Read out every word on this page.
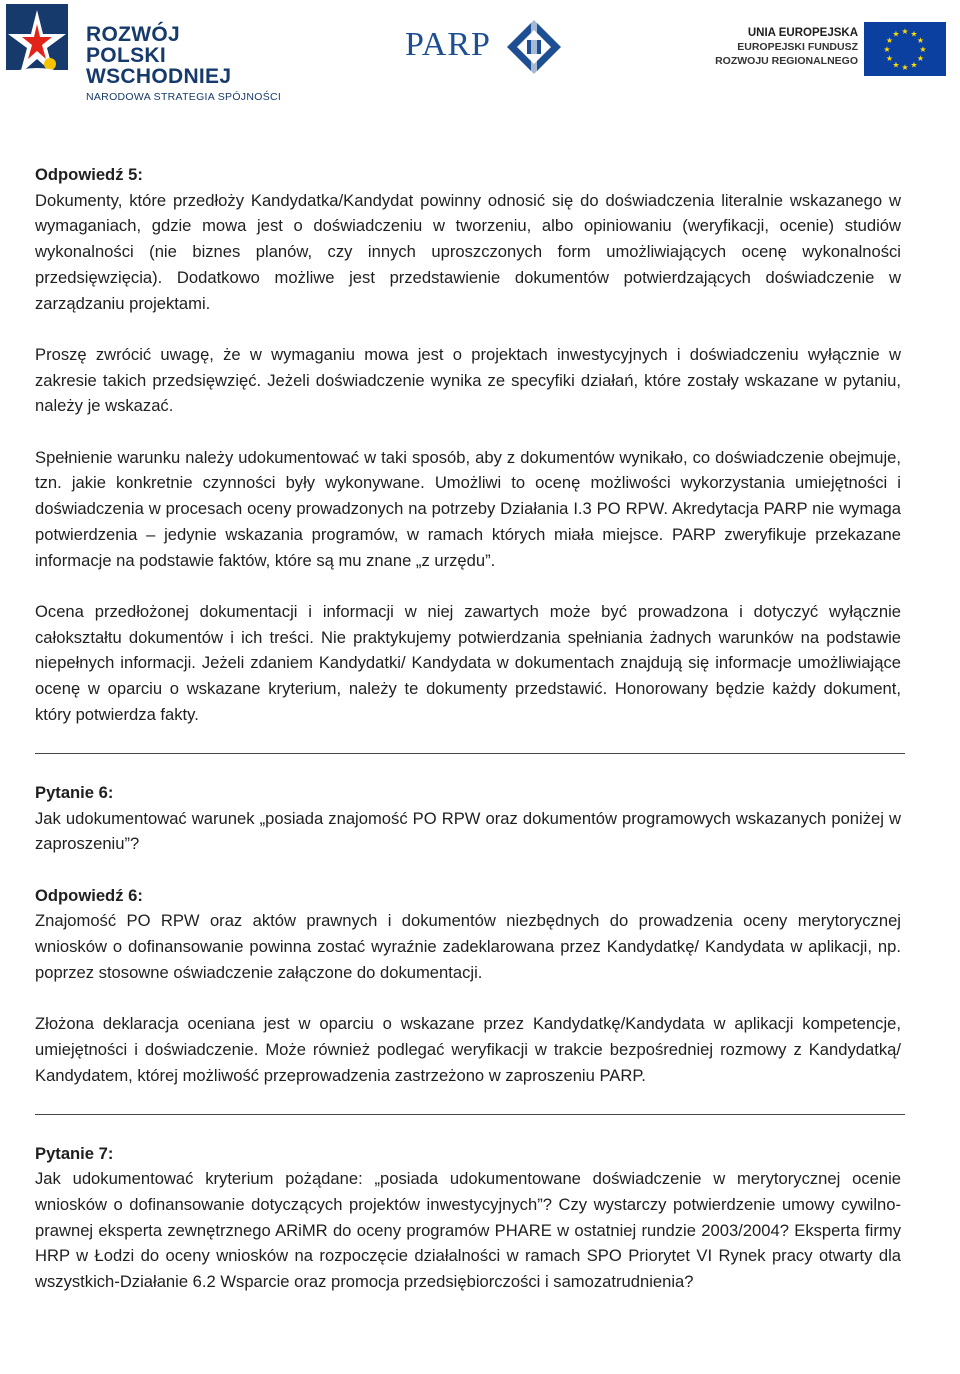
ROZWÓJ
POLSKI WSCHODNIEJ
NARODOWA STRATEGIA SPÓJNOŚCI
PARP	UNIA EUROPEJSKA
EUROPEJSKI FUNDUSZ
ROZWOJU REGIONALNEGO
★ ★
★
★
★
★
★
★
★
★
★
★

Odpowiedź 5:

Dokumenty, które przedłoży Kandydatka/Kandydat powinny odnosić się do doświadczenia literalnie wskazanego w wymaganiach, gdzie mowa jest o doświadczeniu w tworzeniu, albo opiniowaniu (weryfikacji, ocenie) studiów wykonalności (nie biznes planów, czy innych uproszczonych form umożliwiających ocenę wykonalności przedsięwzięcia). Dodatkowo możliwe jest przedstawienie dokumentów potwierdzających doświadczenie w zarządzaniu projektami.

Proszę zwrócić uwagę, że w wymaganiu mowa jest o projektach inwestycyjnych i doświadczeniu wyłącznie w zakresie takich przedsięwzięć. Jeżeli doświadczenie wynika ze specyfiki działań, które zostały wskazane w pytaniu, należy je wskazać.

Spełnienie warunku należy udokumentować w taki sposób, aby z dokumentów wynikało, co doświadczenie obejmuje, tzn. jakie konkretnie czynności były wykonywane. Umożliwi to ocenę możliwości wykorzystania umiejętności i doświadczenia w procesach oceny prowadzonych na potrzeby Działania I.3 PO RPW. Akredytacja PARP nie wymaga potwierdzenia – jedynie wskazania programów, w ramach których miała miejsce. PARP zweryfikuje przekazane informacje na podstawie faktów, które są mu znane „z urzędu”.

Ocena przedłożonej dokumentacji i informacji w niej zawartych może być prowadzona i dotyczyć wyłącznie całokształtu dokumentów i ich treści. Nie praktykujemy potwierdzania spełniania żadnych warunków na podstawie niepełnych informacji. Jeżeli zdaniem Kandydatki/ Kandydata w dokumentach znajdują się informacje umożliwiające ocenę w oparciu o wskazane kryterium, należy te dokumenty przedstawić. Honorowany będzie każdy dokument, który potwierdza fakty.

Pytanie 6:

Jak udokumentować warunek „posiada znajomość PO RPW oraz dokumentów programowych wskazanych poniżej w zaproszeniu”?

Odpowiedź 6:

Znajomość PO RPW oraz aktów prawnych i dokumentów niezbędnych do prowadzenia oceny merytorycznej wniosków o dofinansowanie powinna zostać wyraźnie zadeklarowana przez Kandydatkę/ Kandydata w aplikacji, np. poprzez stosowne oświadczenie załączone do dokumentacji.

Złożona deklaracja oceniana jest w oparciu o wskazane przez Kandydatkę/Kandydata w aplikacji kompetencje, umiejętności i doświadczenie. Może również podlegać weryfikacji w trakcie bezpośredniej rozmowy z Kandydatką/ Kandydatem, której możliwość przeprowadzenia zastrzeżono w zaproszeniu PARP.

Pytanie 7:

Jak udokumentować kryterium pożądane: „posiada udokumentowane doświadczenie w merytorycznej ocenie wniosków o dofinansowanie dotyczących projektów inwestycyjnych”? Czy wystarczy potwierdzenie umowy cywilno-prawnej eksperta zewnętrznego ARiMR do oceny programów PHARE w ostatniej rundzie 2003/2004? Eksperta firmy HRP w Łodzi do oceny wniosków na rozpoczęcie działalności w ramach SPO Priorytet VI Rynek pracy otwarty dla wszystkich-Działanie 6.2 Wsparcie oraz promocja przedsiębiorczości i samozatrudnienia?
